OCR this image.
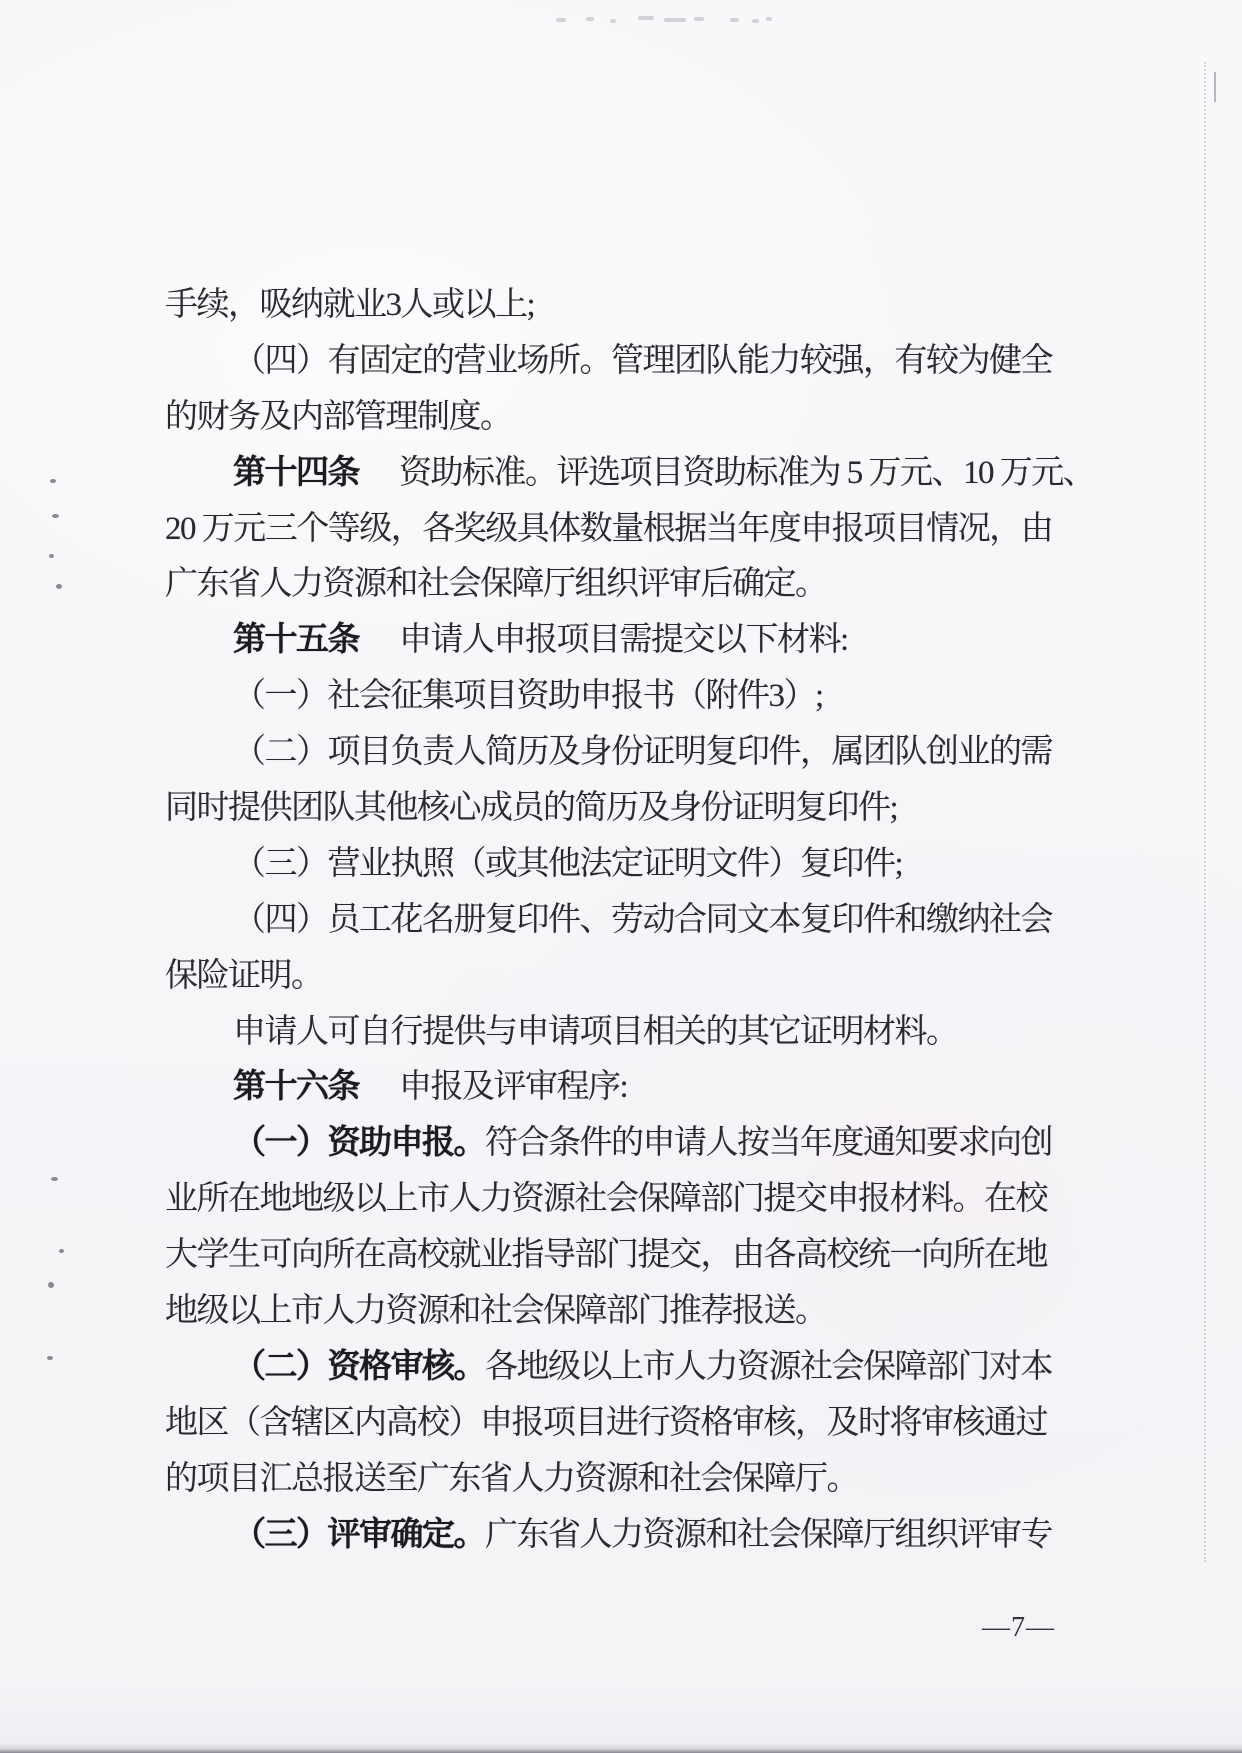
手续，吸纳就业3人或以上;
（四）有固定的营业场所。管理团队能力较强，有较为健全
的财务及内部管理制度。
第十四条 资助标准。评选项目资助标准为 5 万元、10 万元、
20 万元三个等级，各奖级具体数量根据当年度申报项目情况，由
广东省人力资源和社会保障厅组织评审后确定。
第十五条 申请人申报项目需提交以下材料:
（一）社会征集项目资助申报书（附件3）;
（二）项目负责人简历及身份证明复印件，属团队创业的需
同时提供团队其他核心成员的简历及身份证明复印件;
（三）营业执照（或其他法定证明文件）复印件;
（四）员工花名册复印件、劳动合同文本复印件和缴纳社会
保险证明。
申请人可自行提供与申请项目相关的其它证明材料。
第十六条 申报及评审程序:
（一）资助申报。符合条件的申请人按当年度通知要求向创
业所在地地级以上市人力资源社会保障部门提交申报材料。在校
大学生可向所在高校就业指导部门提交，由各高校统一向所在地
地级以上市人力资源和社会保障部门推荐报送。
（二）资格审核。各地级以上市人力资源社会保障部门对本
地区（含辖区内高校）申报项目进行资格审核，及时将审核通过
的项目汇总报送至广东省人力资源和社会保障厅。
（三）评审确定。广东省人力资源和社会保障厅组织评审专
—7—
